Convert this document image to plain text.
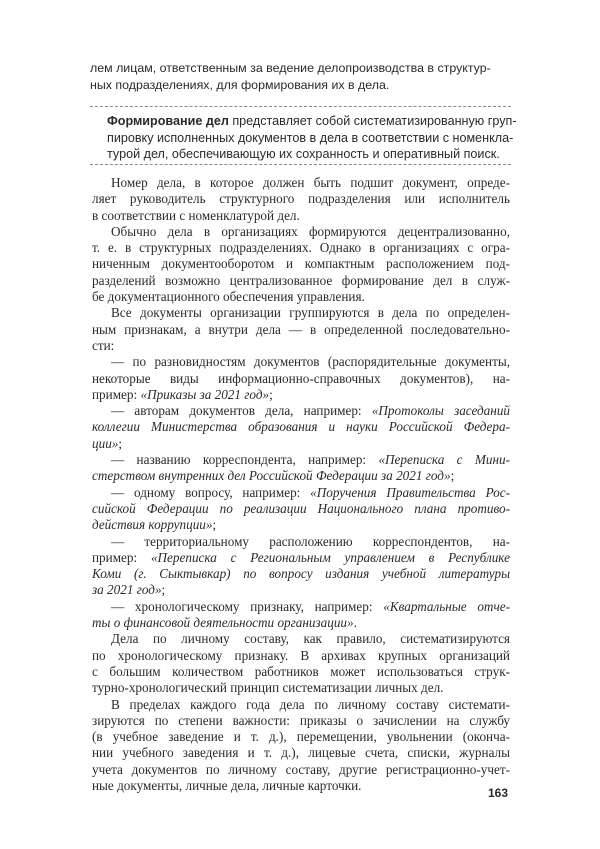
лем лицам, ответственным за ведение делопроизводства в структур-
ных подразделениях, для формирования их в дела.
Формирование дел представляет собой систематизированную груп-
пировку исполненных документов в дела в соответствии с номенкла-
турой дел, обеспечивающую их сохранность и оперативный поиск.
Номер дела, в которое должен быть подшит документ, опреде-
ляет руководитель структурного подразделения или исполнитель
в соответствии с номенклатурой дел.
Обычно дела в организациях формируются децентрализованно,
т. е. в структурных подразделениях. Однако в организациях с огра-
ниченным документооборотом и компактным расположением под-
разделений возможно централизованное формирование дел в служ-
бе документационного обеспечения управления.
Все документы организации группируются в дела по определен-
ным признакам, а внутри дела — в определенной последовательно-
сти:
— по разновидностям документов (распорядительные документы,
некоторые виды информационно-справочных документов), на-
пример: «Приказы за 2021 год»;
— авторам документов дела, например: «Протоколы заседаний
коллегии Министерства образования и науки Российской Федера-
ции»;
— названию корреспондента, например: «Переписка с Мини-
стерством внутренних дел Российской Федерации за 2021 год»;
— одному вопросу, например: «Поручения Правительства Рос-
сийской Федерации по реализации Национального плана противо-
действия коррупции»;
— территориальному расположению корреспондентов, на-
пример: «Переписка с Региональным управлением в Республике
Коми (г. Сыктывкар) по вопросу издания учебной литературы
за 2021 год»;
— хронологическому признаку, например: «Квартальные отче-
ты о финансовой деятельности организации».
Дела по личному составу, как правило, систематизируются
по хронологическому признаку. В архивах крупных организаций
с большим количеством работников может использоваться струк-
турно-хронологический принцип систематизации личных дел.
В пределах каждого года дела по личному составу системати-
зируются по степени важности: приказы о зачислении на службу
(в учебное заведение и т. д.), перемещении, увольнении (оконча-
нии учебного заведения и т. д.), лицевые счета, списки, журналы
учета документов по личному составу, другие регистрационно-учет-
ные документы, личные дела, личные карточки.
163
